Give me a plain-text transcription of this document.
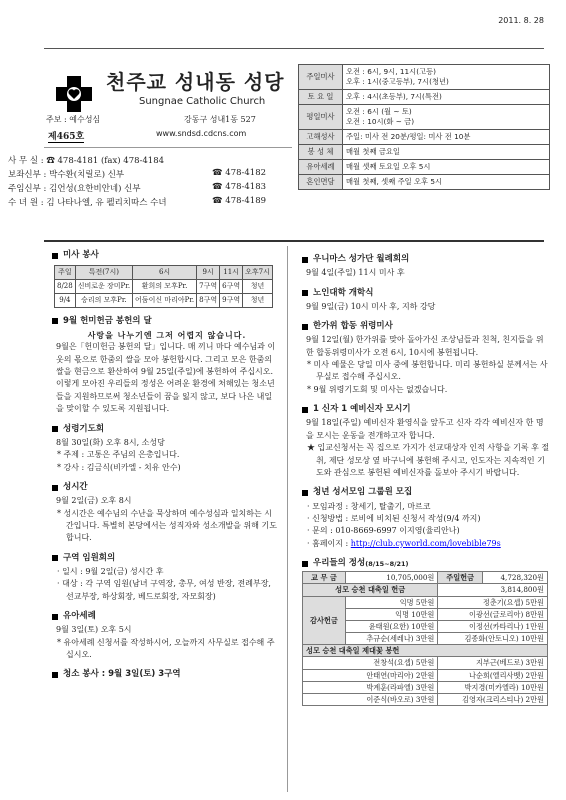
2011. 8. 28
천주교 성내동 성당
Sungnae Catholic Church
주보 : 예수성심	강동구 성내1동 527
제465호	www.sndsd.cdcns.com
사 무 실 : ☎ 478-4181 (fax) 478-4184
보좌신부 : 박수환(치릴로) 신부	☎ 478-4182
주임신부 : 김언성(요한비안네) 신부	☎ 478-4183
수 녀 원 : 김 나타나엘, 유 펠리치따스 수녀	☎ 478-4189
주일미사	오전 : 6시, 9시, 11시(고등)
오후 : 1시(중고등부), 7시(청년)
토 요 일	오후 : 4시(초등부), 7시(특전)
평일미사	오전 : 6시 (월 ~ 토)
오전 : 10시(화 ~ 금)
고해성사	주일: 미사 전 20분/평일: 미사 전 10분
봉 성 체	매월 첫째 금요일
유아세례	매월 셋째 토요일 오후 5시
혼인면담	매월 첫째, 셋째 주일 오후 5시
미사 봉사
주일	특전(7시)	6시	9시	11시	오후7시
8/28	신비로운 장미Pr.	환희의 모후Pr.	7구역	6구역	청년
9/4	승리의 모후Pr.	어둠이신 마리아Pr.	8구역	9구역	청년
9월 헌미헌금 봉헌의 달
사랑을 나누기엔 그저 어렵지 않습니다.
9월은「헌미헌금 봉헌의 달」입니다. 매 끼니 마다 예수님과 이웃의 몫으로 한줌의 쌀을 모아 봉헌합시다. 그리고 모은 한줌의 쌀을 현금으로 환산하여 9월 25일(주일)에 봉헌하여 주십시오. 이렇게 모아진 우리들의 정성은 어려운 환경에 처해있는 청소년들을 지원하므로써 청소년들이 꿈을 잃지 않고, 보다 나은 내일을 맞이할 수 있도록 지원됩니다.
성령기도회
8월 30일(화) 오후 8시, 소성당
* 주제 : 고통은 주님의 은총입니다.
* 강사 : 김금식(비카엘 - 치유 안수)
성시간
9월 2일(금) 오후 8시
* 성시간은 예수님의 수난을 묵상하며 예수성심과 일치하는 시간입니다. 특별히 본당에서는 성직자와 성소개발을 위해 기도합니다.
구역 임원회의
· 일시 : 9월 2일(금) 성시간 후
· 대상 : 각 구역 임원(남녀 구역장, 총무, 여성 반장, 전례부장, 선교부장, 하상회장, 베드로회장, 자모회장)
유아세례
9월 3일(토) 오후 5시
* 유아세례 신청서를 작성하시어, 오늘까지 사무실로 접수해 주십시오.
청소 봉사 : 9월 3일(토) 3구역
우니마스 성가단 월례회의
9월 4일(주일) 11시 미사 후
노인대학 개학식
9월 9일(금) 10시 미사 후, 지하 강당
한가위 합동 위령미사
9월 12일(월) 한가위를 맞아 돌아가신 조상님들과 친척, 친지들을 위한 합동위령미사가 오전 6시, 10시에 봉헌됩니다.
* 미사 예물은 당일 미사 중에 봉헌합니다. 미리 봉헌하실 분께서는 사무실로 접수해 주십시오.
* 9월 위령기도회 및 미사는 없겠습니다.
1 신자 1 예비신자 모시기
9월 18일(주일) 예비신자 환영식을 앞두고 신자 각각 예비신자 한 명을 모시는 운동을 전개하고자 합니다.
★ 입교신청서는 꼭 집으로 가지가 선교대상자 인적 사항을 기록 후 절취, 제단 성모상 옆 바구니에 봉헌해 주시고, 인도자는 지속적인 기도와 관심으로 봉헌된 예비신자를 돌보아 주시기 바랍니다.
청년 성서모임 그룹원 모집
· 모임과정 : 창세기, 탈출기, 마르코
· 신청방법 : 로비에 비치된 신청서 작성(9/4 까지)
· 문의 : 010-8669-6997 이지영(율리안나)
· 홈페이지 : http://club.cyworld.com/lovebible79s
우리들의 정성 (8/15~8/21)
교 무 금	10,705,000원	주일헌금	4,728,320원
성모 승천 대축일 헌금		3,814,800원	
감사헌금	익명 5만원	정춘기(요셉) 5만원	
	익명 10만원	이광선(글로리아) 8만원	
	윤태원(요한) 10만원	이정선(카타리나) 1만원	
	추규순(세레나) 3만원	김종화(안토니오) 10만원	
성모 승천 대축일 제대꽃 봉헌			
전창석(요셉) 5만원		지부근(베드로) 3만원	
안태연(마리아) 2만원		나순희(엘리사벳) 2만원	
박계훈(라파엘) 3만원		박지경(미카엘라) 10만원	
이준식(바오로) 3만원		김영자(크리스티나) 2만원	
